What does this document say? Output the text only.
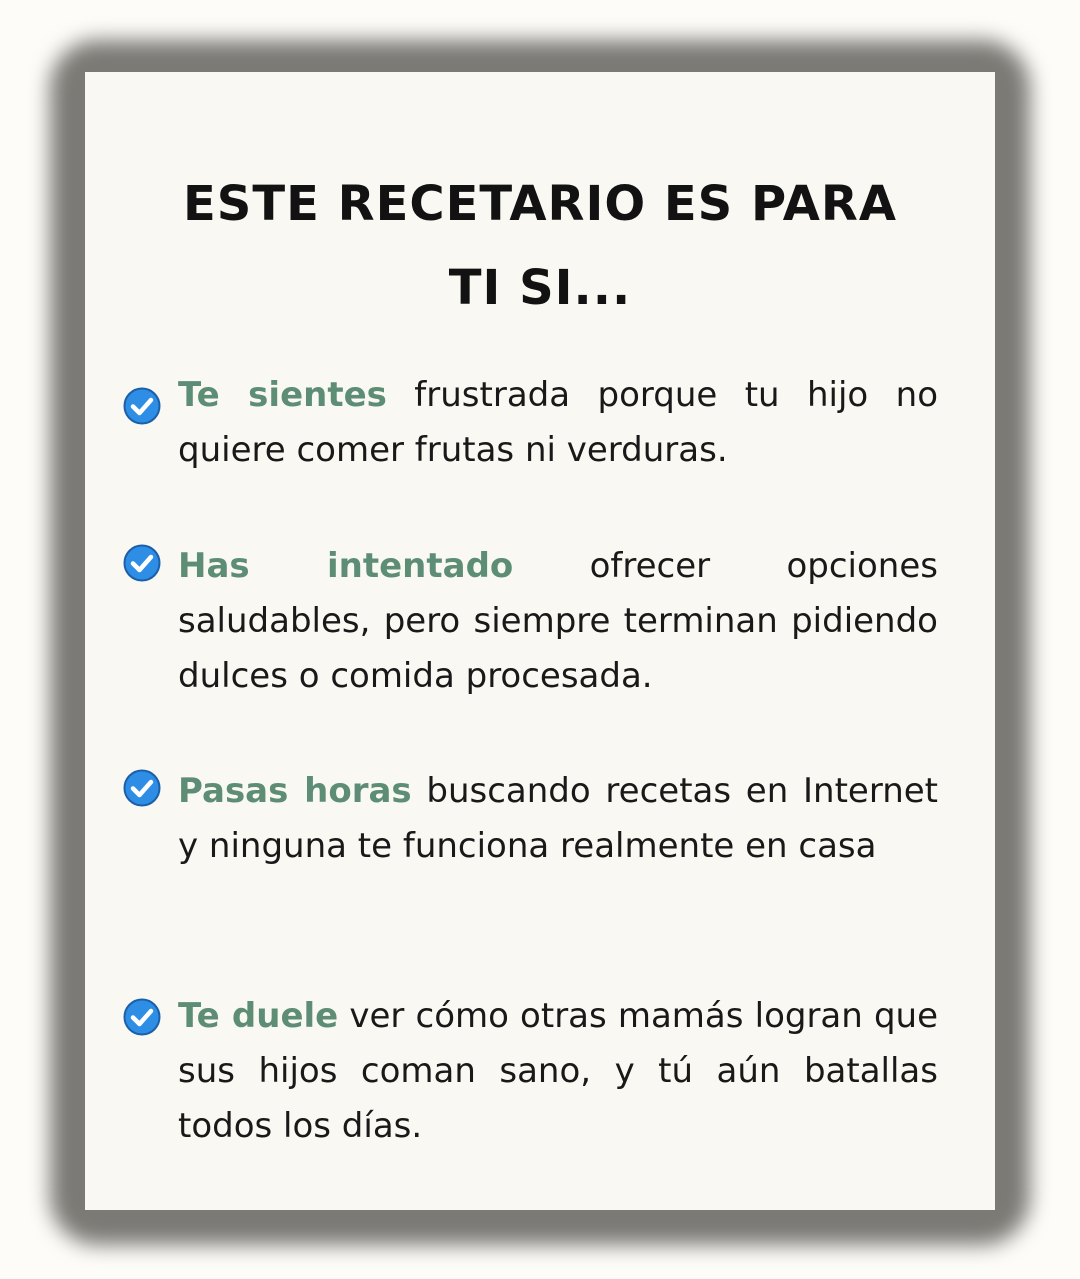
ESTE RECETARIO ES PARA
TI SI...

Te sientes frustrada porque tu hijo no quiere comer frutas ni verduras.

Has intentado ofrecer opciones saludables, pero siempre terminan pidiendo dulces o comida procesada.

Pasas horas buscando recetas en Internet y ninguna te funciona realmente en casa

Te duele ver cómo otras mamás logran que sus hijos coman sano, y tú aún batallas todos los días.
